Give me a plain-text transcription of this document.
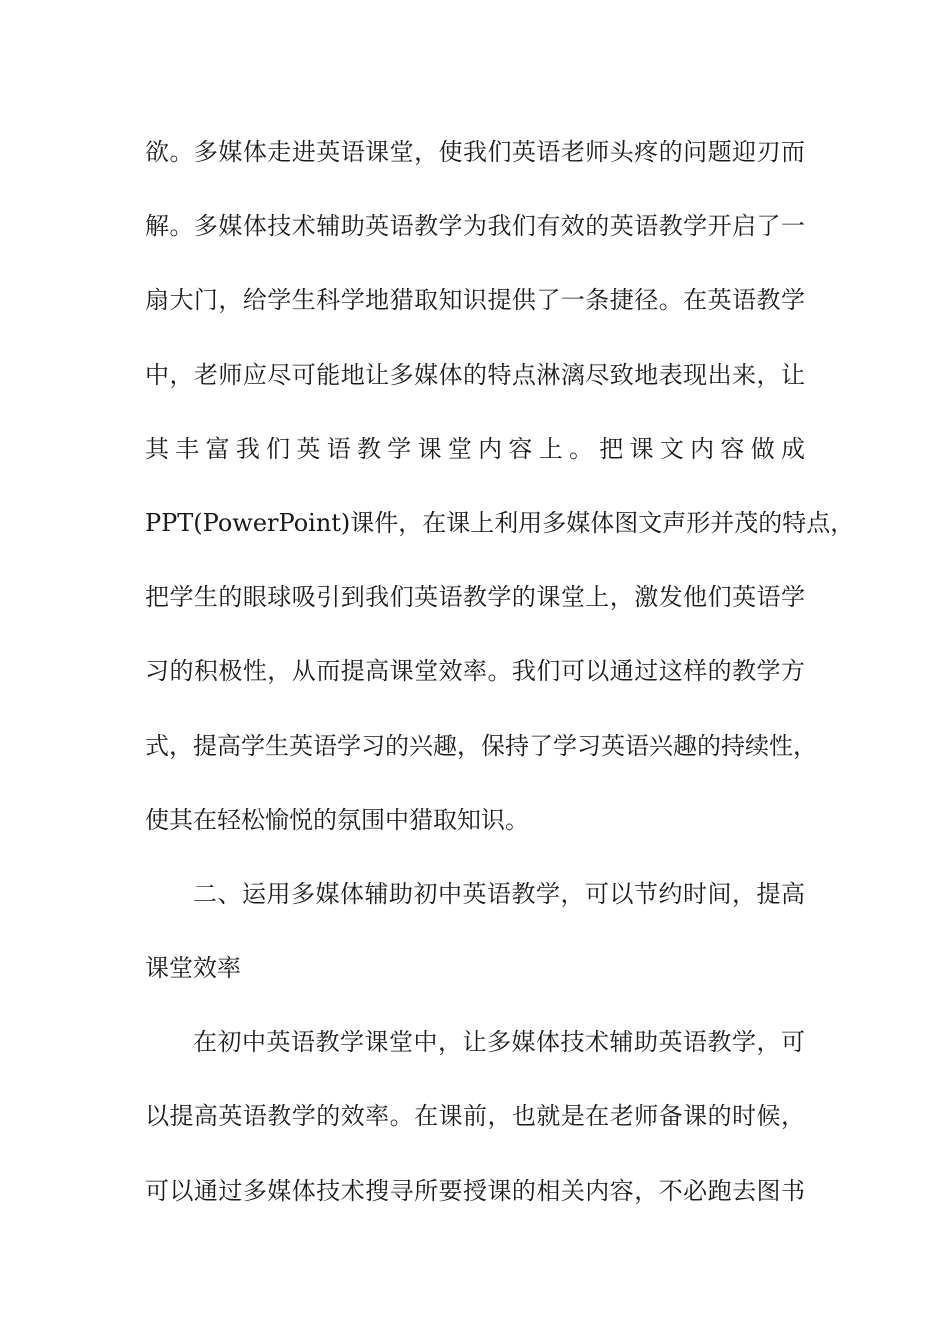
欲。多媒体走进英语课堂，使我们英语老师头疼的问题迎刃而
解。多媒体技术辅助英语教学为我们有效的英语教学开启了一
扇大门，给学生科学地猎取知识提供了一条捷径。在英语教学
中，老师应尽可能地让多媒体的特点淋漓尽致地表现出来，让
其丰富我们英语教学课堂内容上。把课文内容做成
PPT(PowerPoint)课件，在课上利用多媒体图文声形并茂的特点，
把学生的眼球吸引到我们英语教学的课堂上，激发他们英语学
习的积极性，从而提高课堂效率。我们可以通过这样的教学方
式，提高学生英语学习的兴趣，保持了学习英语兴趣的持续性，
使其在轻松愉悦的氛围中猎取知识。
二、运用多媒体辅助初中英语教学，可以节约时间，提高
课堂效率
在初中英语教学课堂中，让多媒体技术辅助英语教学，可
以提高英语教学的效率。在课前，也就是在老师备课的时候，
可以通过多媒体技术搜寻所要授课的相关内容，不必跑去图书
